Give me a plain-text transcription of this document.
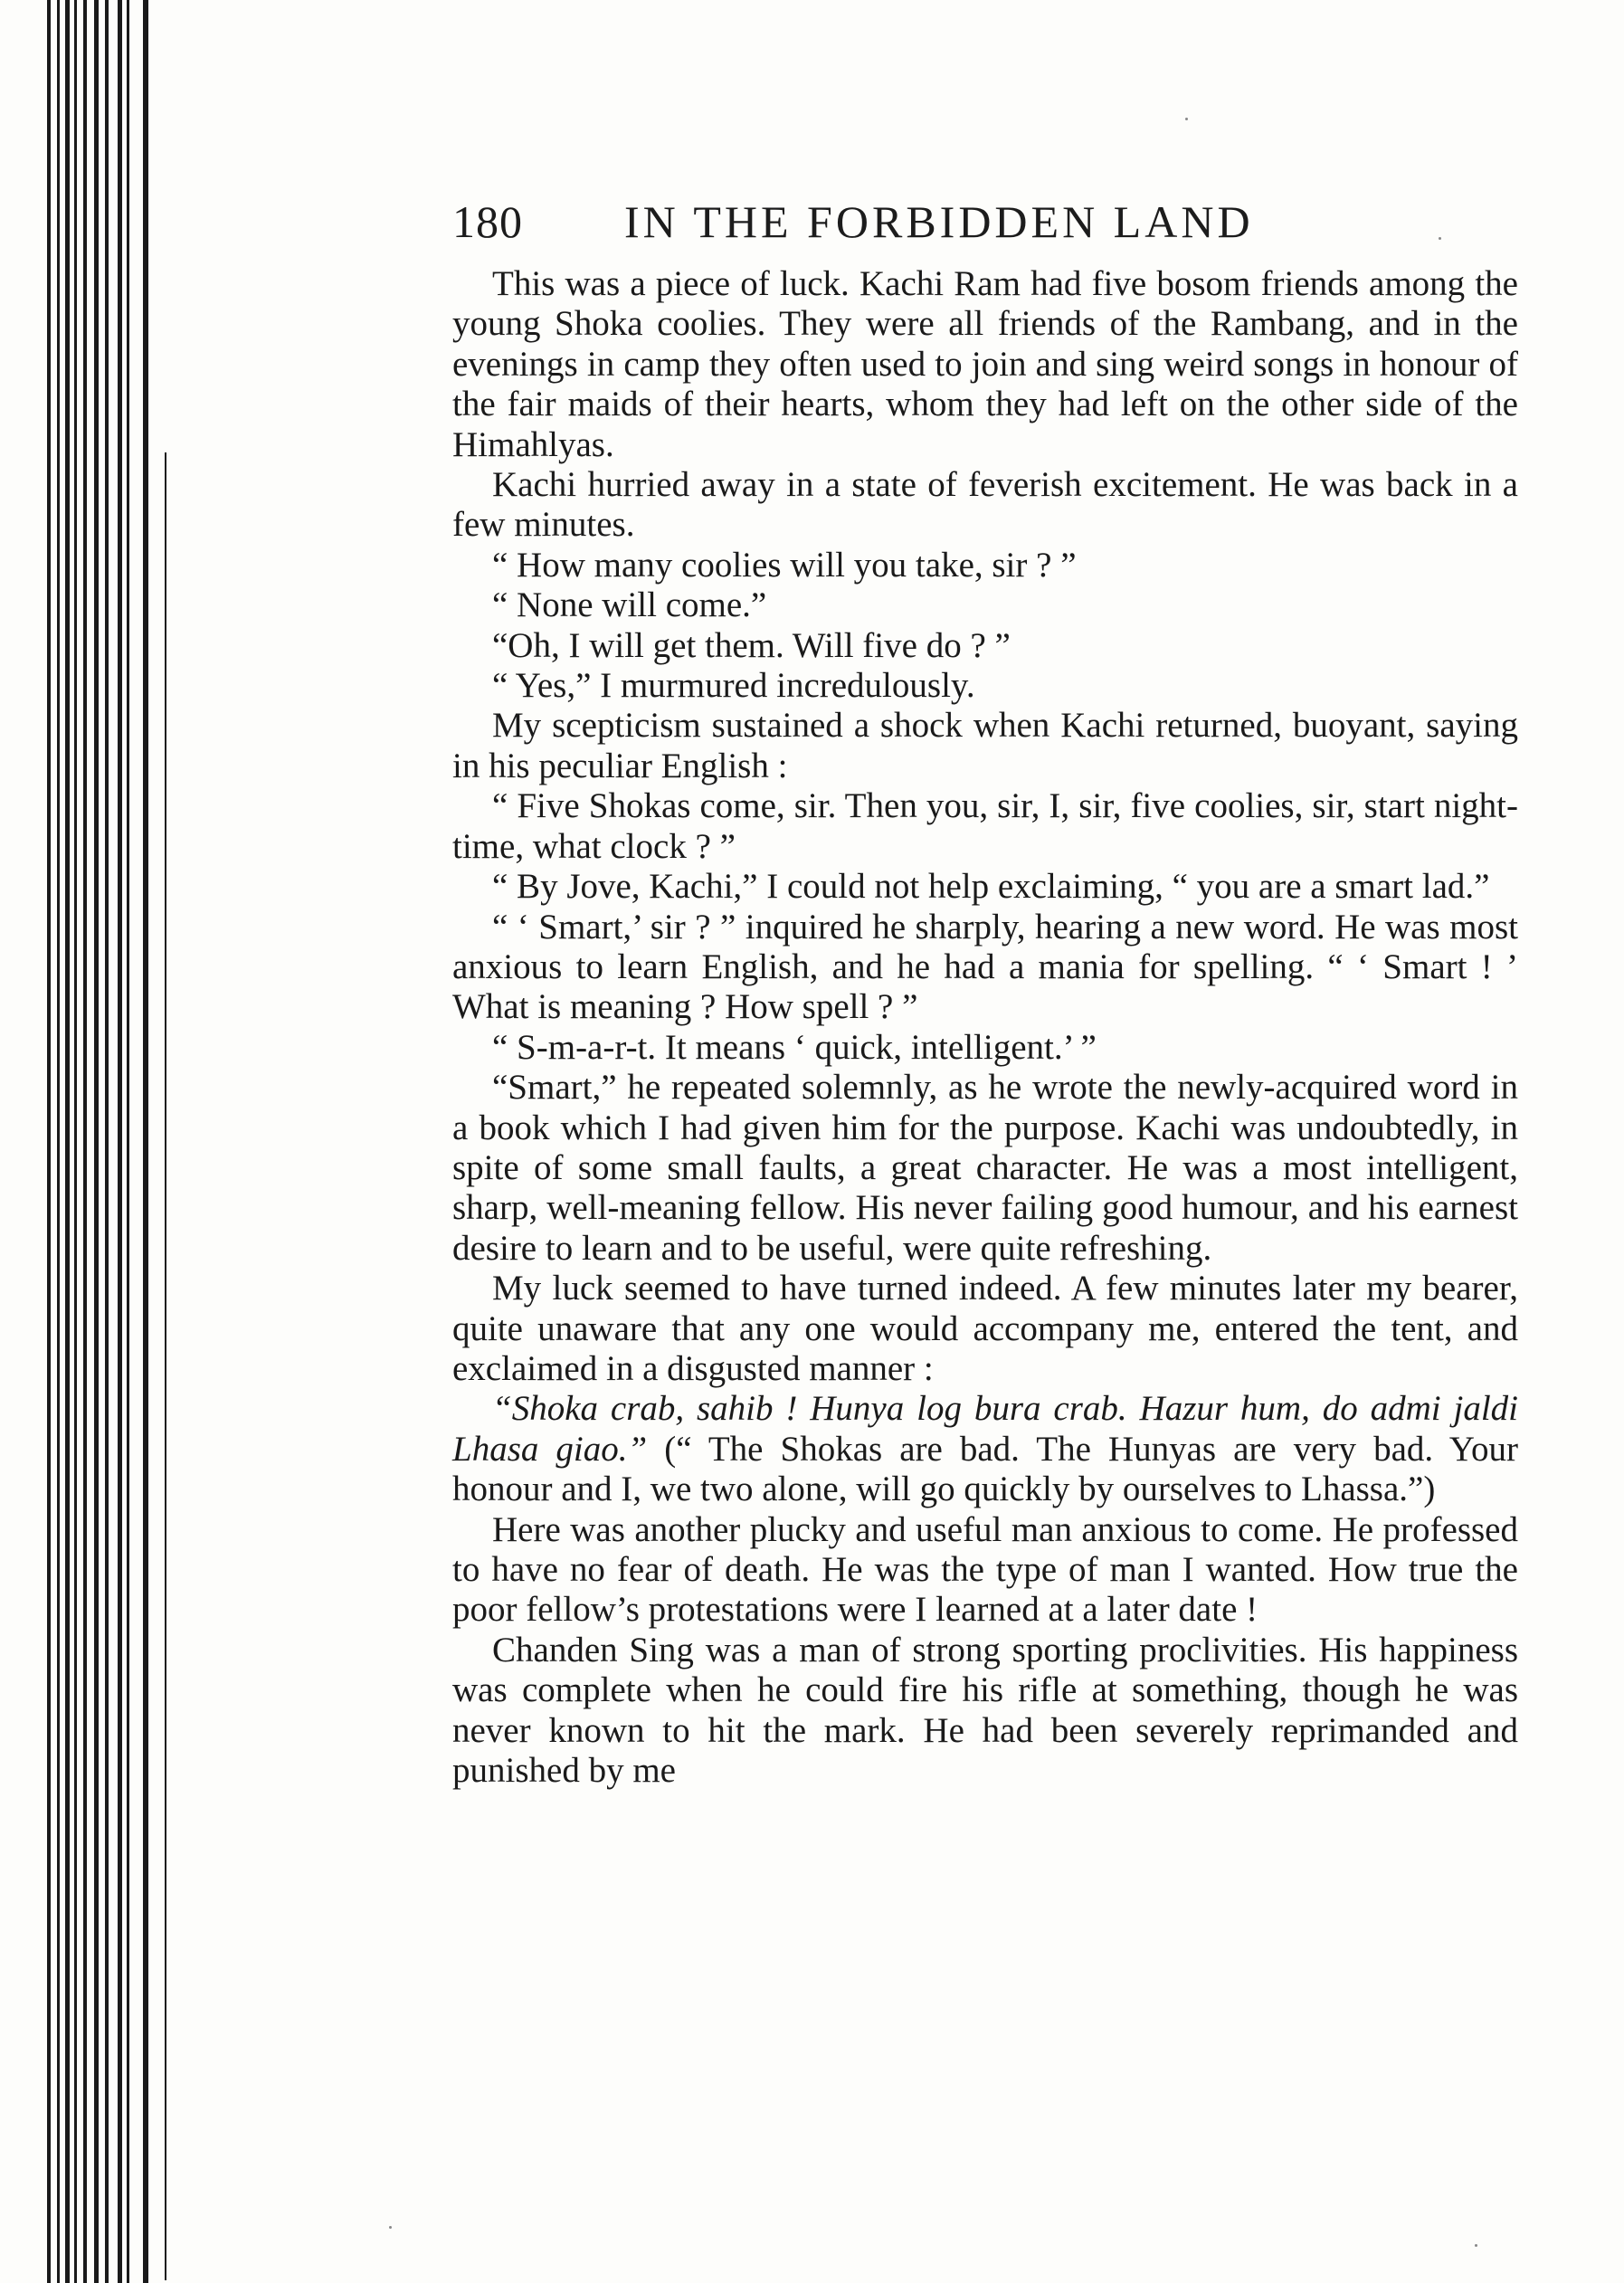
180 IN THE FORBIDDEN LAND

This was a piece of luck. Kachi Ram had five bosom friends among the young Shoka coolies. They were all friends of the Rambang, and in the evenings in camp they often used to join and sing weird songs in honour of the fair maids of their hearts, whom they had left on the other side of the Himahlyas.

Kachi hurried away in a state of feverish excitement. He was back in a few minutes.

“ How many coolies will you take, sir ? ”

“ None will come.”

“Oh, I will get them. Will five do ? ”

“ Yes,” I murmured incredulously.

My scepticism sustained a shock when Kachi returned, buoyant, saying in his peculiar English :

“ Five Shokas come, sir. Then you, sir, I, sir, five coolies, sir, start night-time, what clock ? ”

“ By Jove, Kachi,” I could not help exclaiming, “ you are a smart lad.”

“ ‘ Smart,’ sir ? ” inquired he sharply, hearing a new word. He was most anxious to learn English, and he had a mania for spelling. “ ‘ Smart ! ’ What is meaning ? How spell ? ”

“ S-m-a-r-t. It means ‘ quick, intelligent.’ ”

“Smart,” he repeated solemnly, as he wrote the newly-acquired word in a book which I had given him for the purpose. Kachi was undoubtedly, in spite of some small faults, a great character. He was a most intelligent, sharp, well-meaning fellow. His never failing good humour, and his earnest desire to learn and to be useful, were quite refreshing.

My luck seemed to have turned indeed. A few minutes later my bearer, quite unaware that any one would accompany me, entered the tent, and exclaimed in a disgusted manner :

“Shoka crab, sahib ! Hunya log bura crab. Hazur hum, do admi jaldi Lhasa giao.” (“ The Shokas are bad. The Hunyas are very bad. Your honour and I, we two alone, will go quickly by ourselves to Lhassa.”)

Here was another plucky and useful man anxious to come. He professed to have no fear of death. He was the type of man I wanted. How true the poor fellow’s protestations were I learned at a later date !

Chanden Sing was a man of strong sporting proclivities. His happiness was complete when he could fire his rifle at something, though he was never known to hit the mark. He had been severely reprimanded and punished by me
